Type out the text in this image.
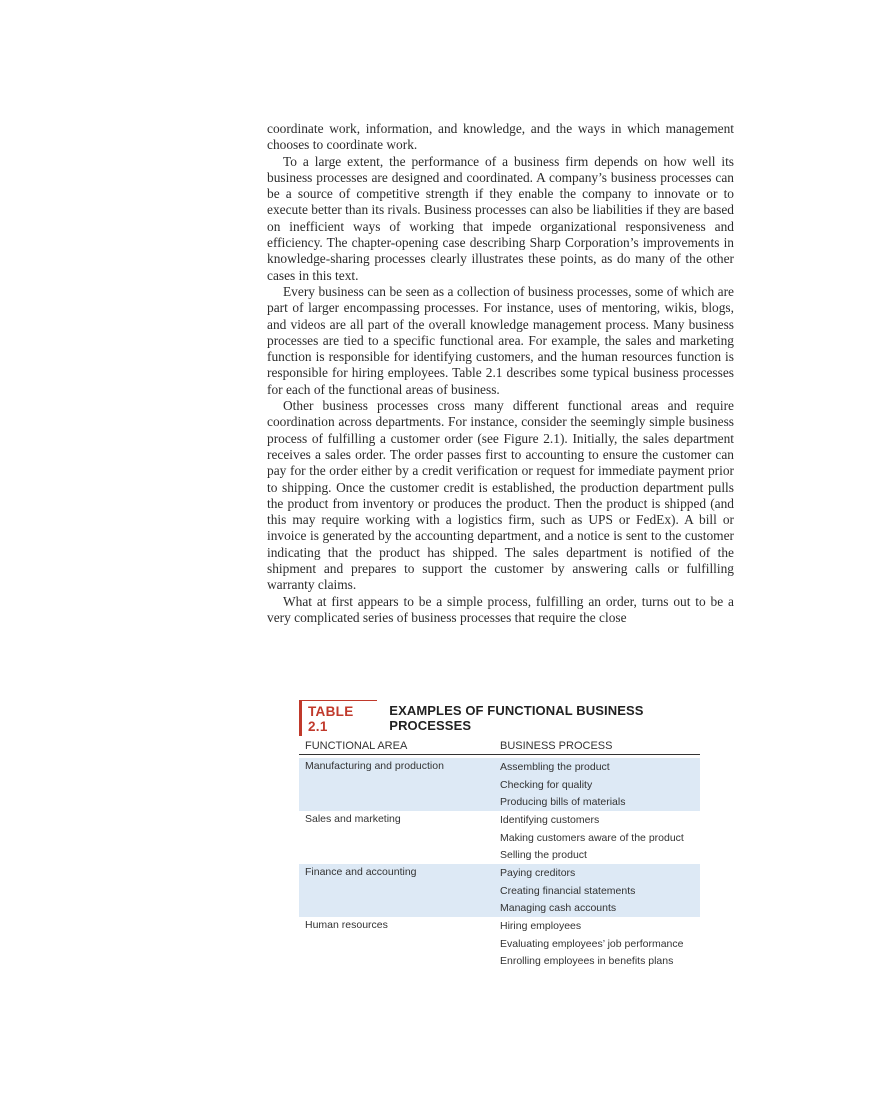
coordinate work, information, and knowledge, and the ways in which management chooses to coordinate work.

To a large extent, the performance of a business firm depends on how well its business processes are designed and coordinated. A company’s business processes can be a source of competitive strength if they enable the company to innovate or to execute better than its rivals. Business processes can also be liabilities if they are based on inefficient ways of working that impede organizational responsiveness and efficiency. The chapter-opening case describing Sharp Corporation’s improvements in knowledge-sharing processes clearly illustrates these points, as do many of the other cases in this text.

Every business can be seen as a collection of business processes, some of which are part of larger encompassing processes. For instance, uses of mentoring, wikis, blogs, and videos are all part of the overall knowledge management process. Many business processes are tied to a specific functional area. For example, the sales and marketing function is responsible for identifying customers, and the human resources function is responsible for hiring employees. Table 2.1 describes some typical business processes for each of the functional areas of business.

Other business processes cross many different functional areas and require coordination across departments. For instance, consider the seemingly simple business process of fulfilling a customer order (see Figure 2.1). Initially, the sales department receives a sales order. The order passes first to accounting to ensure the customer can pay for the order either by a credit verification or request for immediate payment prior to shipping. Once the customer credit is established, the production department pulls the product from inventory or produces the product. Then the product is shipped (and this may require working with a logistics firm, such as UPS or FedEx). A bill or invoice is generated by the accounting department, and a notice is sent to the customer indicating that the product has shipped. The sales department is notified of the shipment and prepares to support the customer by answering calls or fulfilling warranty claims.

What at first appears to be a simple process, fulfilling an order, turns out to be a very complicated series of business processes that require the close

TABLE 2.1
EXAMPLES OF FUNCTIONAL BUSINESS PROCESSES
FUNCTIONAL AREA	BUSINESS PROCESS

Manufacturing and production	Assembling the product
	Checking for quality
	Producing bills of materials
Sales and marketing	Identifying customers
	Making customers aware of the product
	Selling the product
Finance and accounting	Paying creditors
	Creating financial statements
	Managing cash accounts
Human resources	Hiring employees
	Evaluating employees’ job performance
	Enrolling employees in benefits plans
